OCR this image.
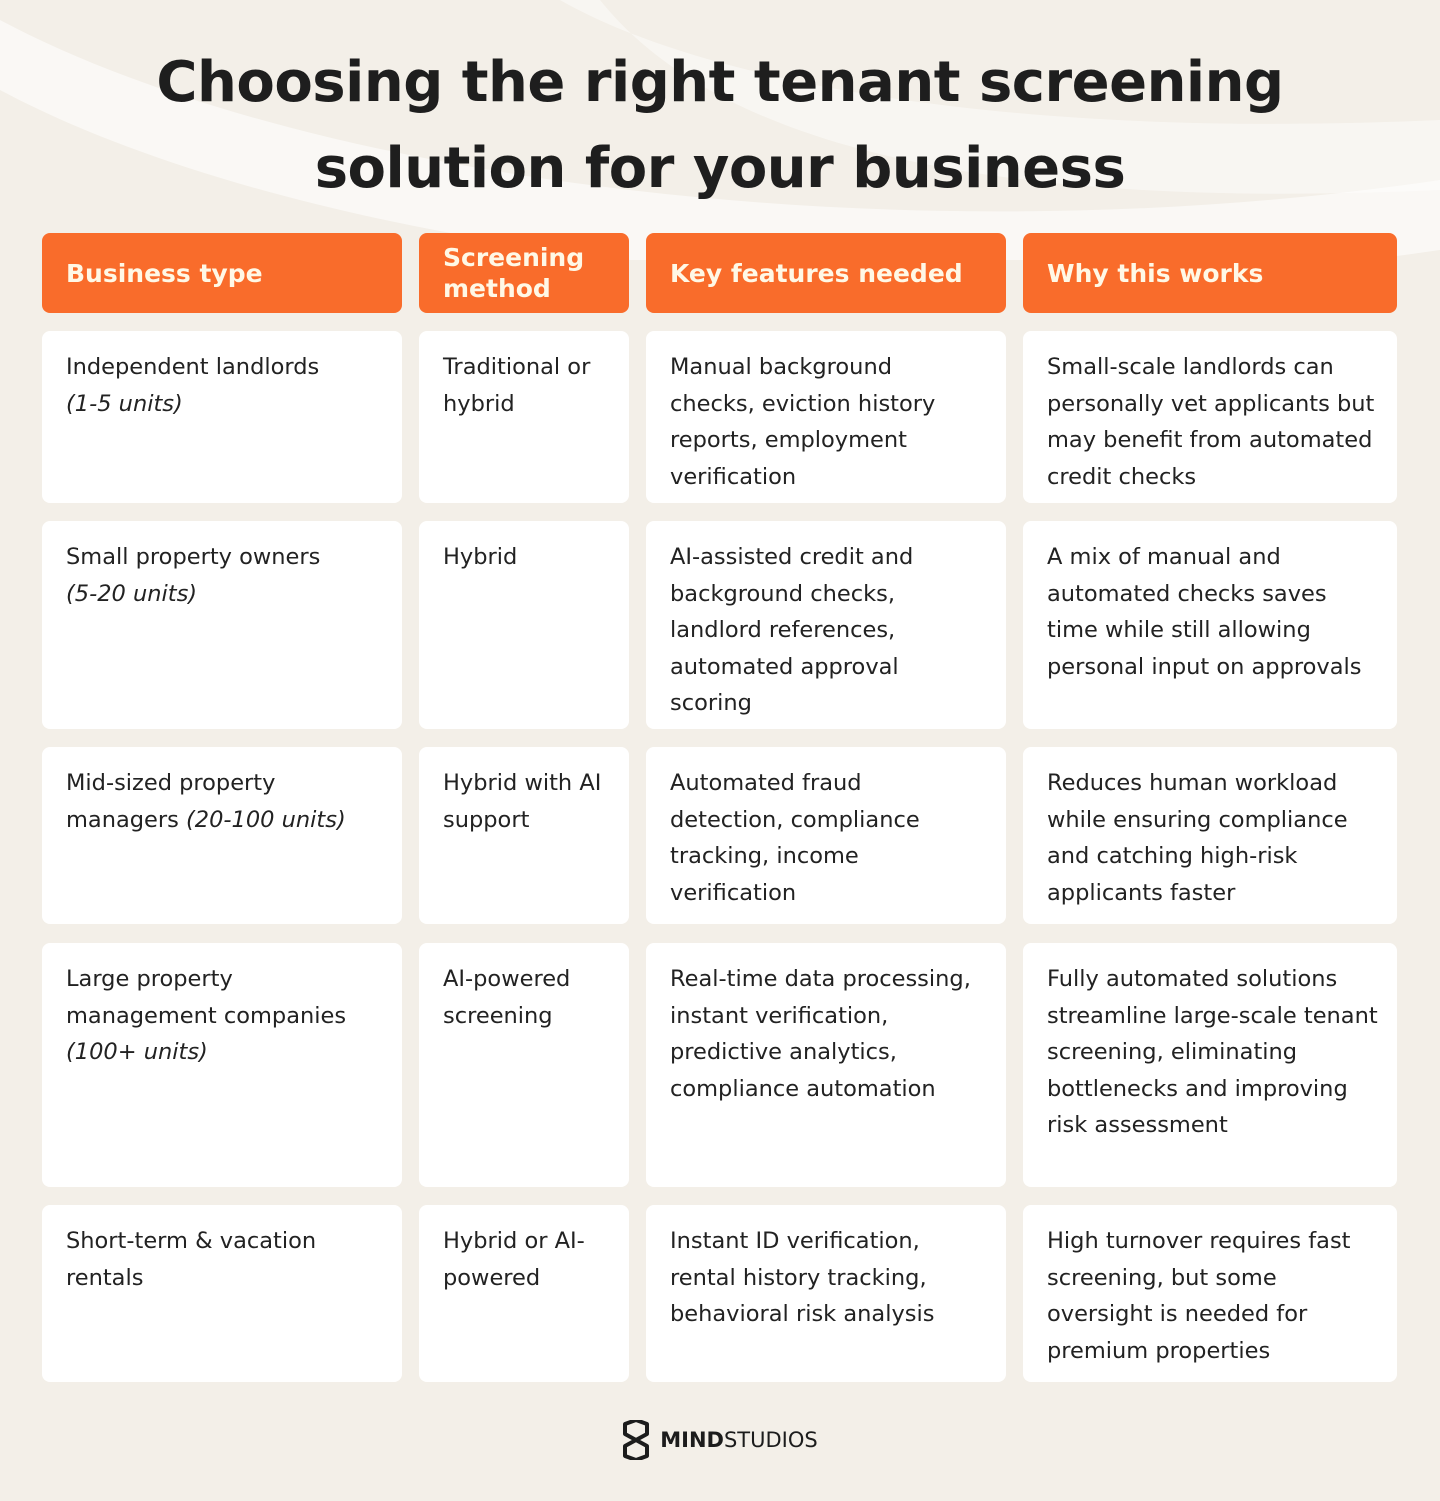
Choosing the right tenant screening
solution for your business
Business type
Screening method
Key features needed	Why this works
Independent landlords
(1-5 units)
Traditional or hybrid
Manual background checks, eviction history reports, employment verification
Small-scale landlords can personally vet applicants but may benefit from automated credit checks
Small property owners
(5-20 units)
Hybrid	AI-assisted credit and background checks, landlord references, automated approval scoring
A mix of manual and automated checks saves time while still allowing personal input on approvals
Mid-sized property managers (20-100 units)
Hybrid with AI support
Automated fraud detection, compliance tracking, income verification
Reduces human workload while ensuring compliance and catching high-risk applicants faster
Large property management companies
(100+ units)
AI-powered screening
Real-time data processing, instant verification, predictive analytics, compliance automation
Fully automated solutions streamline large-scale tenant screening, eliminating bottlenecks and improving risk assessment
Short-term & vacation rentals
Hybrid or AI-powered
Instant ID verification, rental history tracking, behavioral risk analysis
High turnover requires fast screening, but some oversight is needed for premium properties
MINDSTUDIOS
